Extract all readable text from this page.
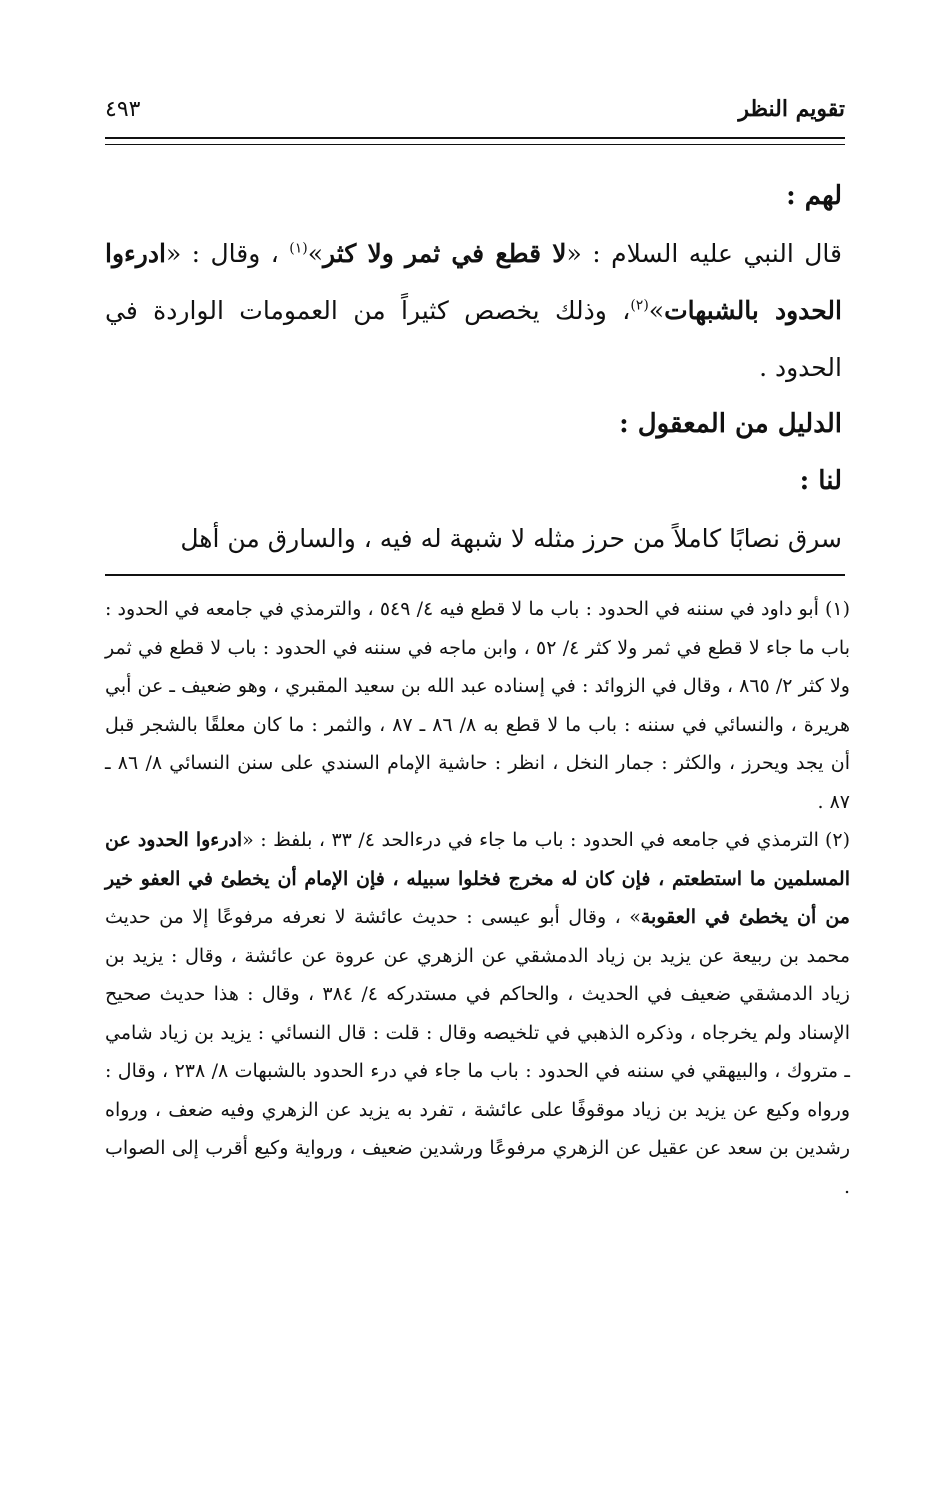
تقويم النظر
٤٩٣

لهم :

قال النبي عليه السلام : «لا قطع في ثمر ولا كثر»$^{(١)}$ ، وقال : «ادرءوا الحدود بالشبهات»$^{(٢)}$، وذلك يخصص كثيراً من العمومات الواردة في الحدود .

الدليل من المعقول :

لنا :

سرق نصابًا كاملاً من حرز مثله لا شبهة له فيه ، والسارق من أهل

(١)أبو داود في سننه في الحدود : باب ما لا قطع فيه ٤/ ٥٤٩ ، والترمذي في جامعه في الحدود : باب ما جاء لا قطع في ثمر ولا كثر ٤/ ٥٢ ، وابن ماجه في سننه في الحدود : باب لا قطع في ثمر ولا كثر ٢/ ٨٦٥ ، وقال في الزوائد : في إسناده عبد الله بن سعيد المقبري ، وهو ضعيف ـ عن أبي هريرة ، والنسائي في سننه : باب ما لا قطع به ٨/ ٨٦ ـ ٨٧ ، والثمر : ما كان معلقًا بالشجر قبل أن يجد ويحرز ، والكثر : جمار النخل ، انظر : حاشية الإمام السندي على سنن النسائي ٨/ ٨٦ ـ ٨٧ .

(٢)الترمذي في جامعه في الحدود : باب ما جاء في درءالحد ٤/ ٣٣ ، بلفظ : «ادرءوا الحدود عن المسلمين ما استطعتم ، فإن كان له مخرج فخلوا سبيله ، فإن الإمام أن يخطئ في العفو خير من أن يخطئ في العقوبة» ، وقال أبو عيسى : حديث عائشة لا نعرفه مرفوعًا إلا من حديث محمد بن ربيعة عن يزيد بن زياد الدمشقي عن الزهري عن عروة عن عائشة ، وقال : يزيد بن زياد الدمشقي ضعيف في الحديث ، والحاكم في مستدركه ٤/ ٣٨٤ ، وقال : هذا حديث صحيح الإسناد ولم يخرجاه ، وذكره الذهبي في تلخيصه وقال : قلت : قال النسائي : يزيد بن زياد شامي ـ متروك ، والبيهقي في سننه في الحدود : باب ما جاء في درء الحدود بالشبهات ٨/ ٢٣٨ ، وقال : ورواه وكيع عن يزيد بن زياد موقوفًا على عائشة ، تفرد به يزيد عن الزهري وفيه ضعف ، ورواه رشدين بن سعد عن عقيل عن الزهري مرفوعًا ورشدين ضعيف ، ورواية وكيع أقرب إلى الصواب .
